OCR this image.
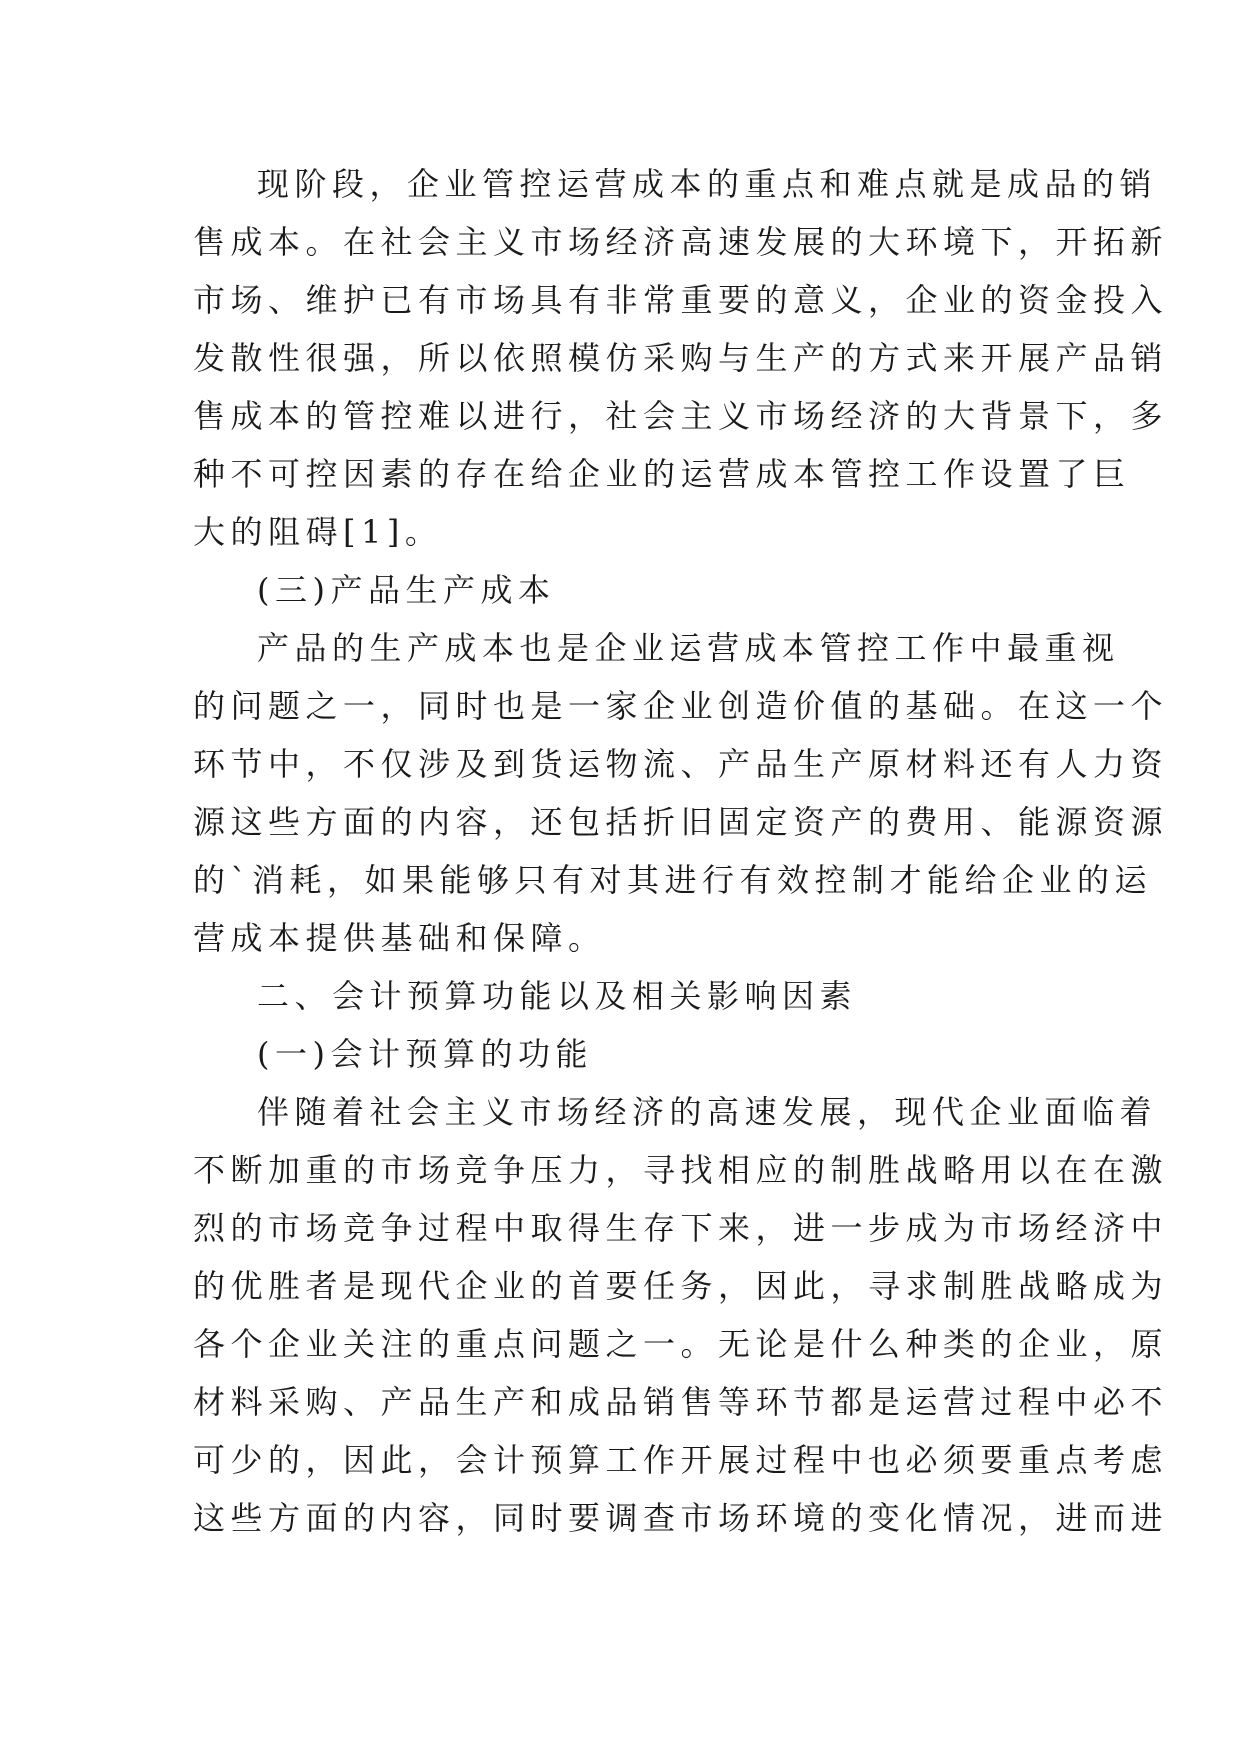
现阶段，企业管控运营成本的重点和难点就是成品的销
售成本。在社会主义市场经济高速发展的大环境下，开拓新
市场、维护已有市场具有非常重要的意义，企业的资金投入
发散性很强，所以依照模仿采购与生产的方式来开展产品销
售成本的管控难以进行，社会主义市场经济的大背景下，多
种不可控因素的存在给企业的运营成本管控工作设置了巨
大的阻碍[1]。
(三)产品生产成本
产品的生产成本也是企业运营成本管控工作中最重视
的问题之一，同时也是一家企业创造价值的基础。在这一个
环节中，不仅涉及到货运物流、产品生产原材料还有人力资
源这些方面的内容，还包括折旧固定资产的费用、能源资源
的`消耗，如果能够只有对其进行有效控制才能给企业的运
营成本提供基础和保障。
二、会计预算功能以及相关影响因素
(一)会计预算的功能
伴随着社会主义市场经济的高速发展，现代企业面临着
不断加重的市场竞争压力，寻找相应的制胜战略用以在在激
烈的市场竞争过程中取得生存下来，进一步成为市场经济中
的优胜者是现代企业的首要任务，因此，寻求制胜战略成为
各个企业关注的重点问题之一。无论是什么种类的企业，原
材料采购、产品生产和成品销售等环节都是运营过程中必不
可少的，因此，会计预算工作开展过程中也必须要重点考虑
这些方面的内容，同时要调查市场环境的变化情况，进而进
